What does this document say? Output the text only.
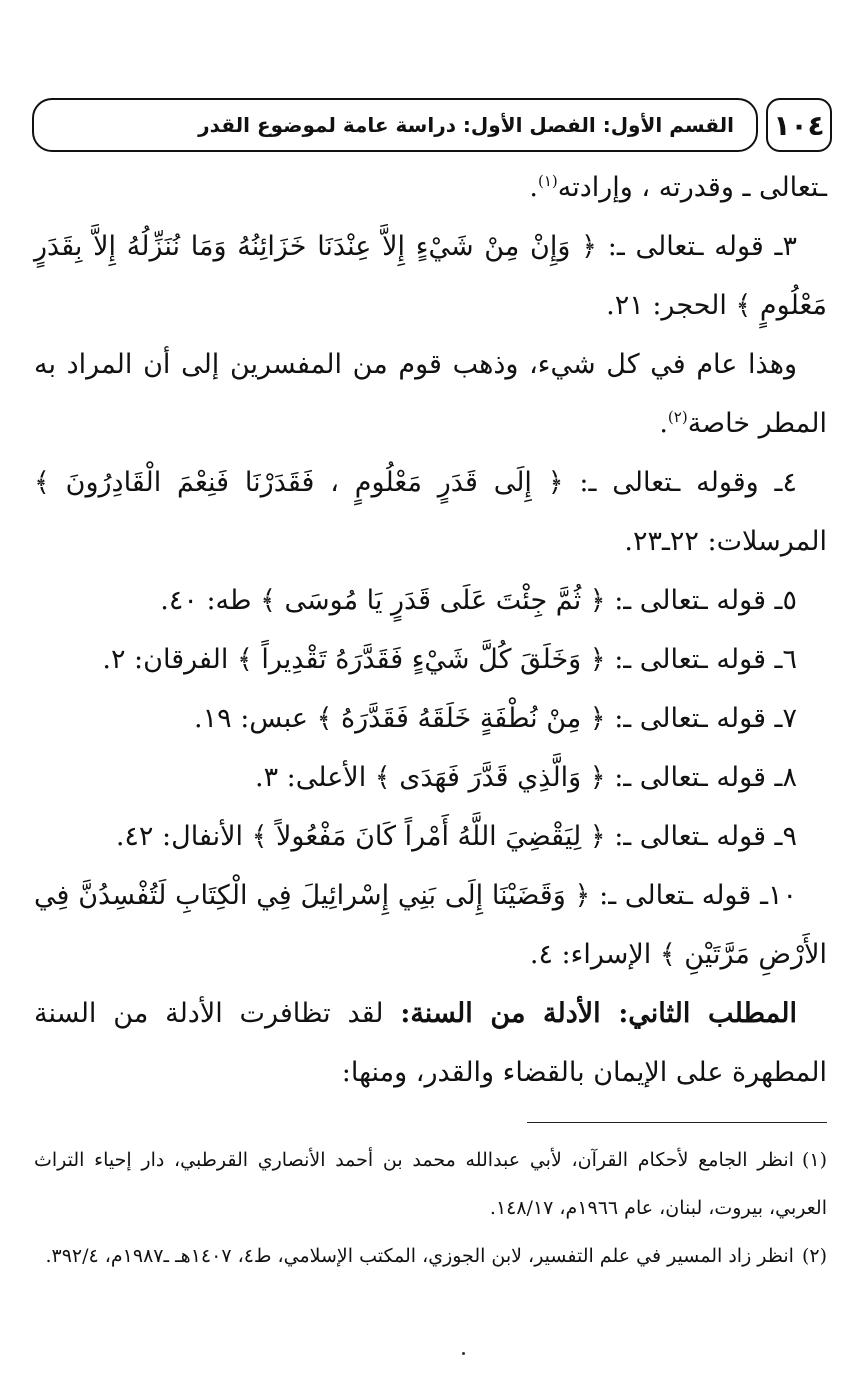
١٠٤
القسم الأول: الفصل الأول: دراسة عامة لموضوع القدر

ـتعالى ـ وقدرته ، وإرادته$^{(١)}$.

٣ـ قوله ـتعالى ـ: ﴿ وَإِنْ مِنْ شَيْءٍ إِلاَّ عِنْدَنَا خَزَائِنُهُ وَمَا نُنَزِّلُهُ إِلاَّ بِقَدَرٍ مَعْلُومٍ ﴾ الحجر: ٢١.

وهذا عام في كل شيء، وذهب قوم من المفسرين إلى أن المراد به المطر خاصة$^{(٢)}$.

٤ـ وقوله ـتعالى ـ: ﴿ إِلَى قَدَرٍ مَعْلُومٍ ، فَقَدَرْنَا فَنِعْمَ الْقَادِرُونَ ﴾ المرسلات: ٢٢ـ٢٣.

٥ـ قوله ـتعالى ـ: ﴿ ثُمَّ جِئْتَ عَلَى قَدَرٍ يَا مُوسَى ﴾ طه: ٤٠.

٦ـ قوله ـتعالى ـ: ﴿ وَخَلَقَ كُلَّ شَيْءٍ فَقَدَّرَهُ تَقْدِيراً ﴾ الفرقان: ٢.

٧ـ قوله ـتعالى ـ: ﴿ مِنْ نُطْفَةٍ خَلَقَهُ فَقَدَّرَهُ ﴾ عبس: ١٩.

٨ـ قوله ـتعالى ـ: ﴿ وَالَّذِي قَدَّرَ فَهَدَى ﴾ الأعلى: ٣.

٩ـ قوله ـتعالى ـ: ﴿ لِيَقْضِيَ اللَّهُ أَمْراً كَانَ مَفْعُولاً ﴾ الأنفال: ٤٢.

١٠ـ قوله ـتعالى ـ: ﴿ وَقَضَيْنَا إِلَى بَنِي إِسْرائِيلَ فِي الْكِتَابِ لَتُفْسِدُنَّ فِي الأَرْضِ مَرَّتَيْنِ ﴾ الإسراء: ٤.

المطلب الثاني: الأدلة من السنة: لقد تظافرت الأدلة من السنة المطهرة على الإيمان بالقضاء والقدر، ومنها:

(١)انظر الجامع لأحكام القرآن، لأبي عبدالله محمد بن أحمد الأنصاري القرطبي، دار إحياء التراث العربي، بيروت، لبنان، عام ١٩٦٦م، ١٤٨/١٧.

(٢)انظر زاد المسير في علم التفسير، لابن الجوزي، المكتب الإسلامي، ط٤، ١٤٠٧هـ ـ١٩٨٧م، ٣٩٢/٤.
